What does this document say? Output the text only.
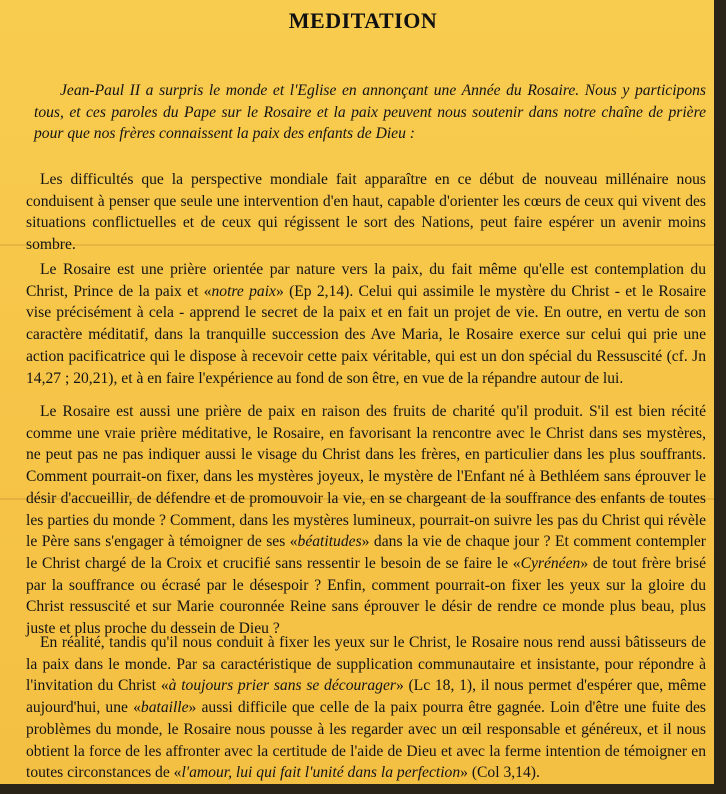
MEDITATION

Jean-Paul II a surpris le monde et l'Eglise en annonçant une Année du Rosaire. Nous y participons tous, et ces paroles du Pape sur le Rosaire et la paix peuvent nous soutenir dans notre chaîne de prière pour que nos frères connaissent la paix des enfants de Dieu :

Les difficultés que la perspective mondiale fait apparaître en ce début de nouveau millénaire nous conduisent à penser que seule une intervention d'en haut, capable d'orienter les cœurs de ceux qui vivent des situations conflictuelles et de ceux qui régissent le sort des Nations, peut faire espérer un avenir moins sombre.

Le Rosaire est une prière orientée par nature vers la paix, du fait même qu'elle est contemplation du Christ, Prince de la paix et «notre paix» (Ep 2,14). Celui qui assimile le mystère du Christ - et le Rosaire vise précisément à cela - apprend le secret de la paix et en fait un projet de vie. En outre, en vertu de son caractère méditatif, dans la tranquille succession des Ave Maria, le Rosaire exerce sur celui qui prie une action pacificatrice qui le dispose à recevoir cette paix véritable, qui est un don spécial du Ressuscité (cf. Jn 14,27 ; 20,21), et à en faire l'expérience au fond de son être, en vue de la répandre autour de lui.

Le Rosaire est aussi une prière de paix en raison des fruits de charité qu'il produit. S'il est bien récité comme une vraie prière méditative, le Rosaire, en favorisant la rencontre avec le Christ dans ses mystères, ne peut pas ne pas indiquer aussi le visage du Christ dans les frères, en particulier dans les plus souffrants. Comment pourrait-on fixer, dans les mystères joyeux, le mystère de l'Enfant né à Bethléem sans éprouver le désir d'accueillir, de défendre et de promouvoir la vie, en se chargeant de la souffrance des enfants de toutes les parties du monde ? Comment, dans les mystères lumineux, pourrait-on suivre les pas du Christ qui révèle le Père sans s'engager à témoigner de ses «béatitudes» dans la vie de chaque jour ? Et comment contempler le Christ chargé de la Croix et crucifié sans ressentir le besoin de se faire le «Cyrénéen» de tout frère brisé par la souffrance ou écrasé par le désespoir ? Enfin, comment pourrait-on fixer les yeux sur la gloire du Christ ressuscité et sur Marie couronnée Reine sans éprouver le désir de rendre ce monde plus beau, plus juste et plus proche du dessein de Dieu ?

En réalité, tandis qu'il nous conduit à fixer les yeux sur le Christ, le Rosaire nous rend aussi bâtisseurs de la paix dans le monde. Par sa caractéristique de supplication communautaire et insistante, pour répondre à l'invitation du Christ «à toujours prier sans se décourager» (Lc 18, 1), il nous permet d'espérer que, même aujourd'hui, une «bataille» aussi difficile que celle de la paix pourra être gagnée. Loin d'être une fuite des problèmes du monde, le Rosaire nous pousse à les regarder avec un œil responsable et généreux, et il nous obtient la force de les affronter avec la certitude de l'aide de Dieu et avec la ferme intention de témoigner en toutes circonstances de «l'amour, lui qui fait l'unité dans la perfection» (Col 3,14).
